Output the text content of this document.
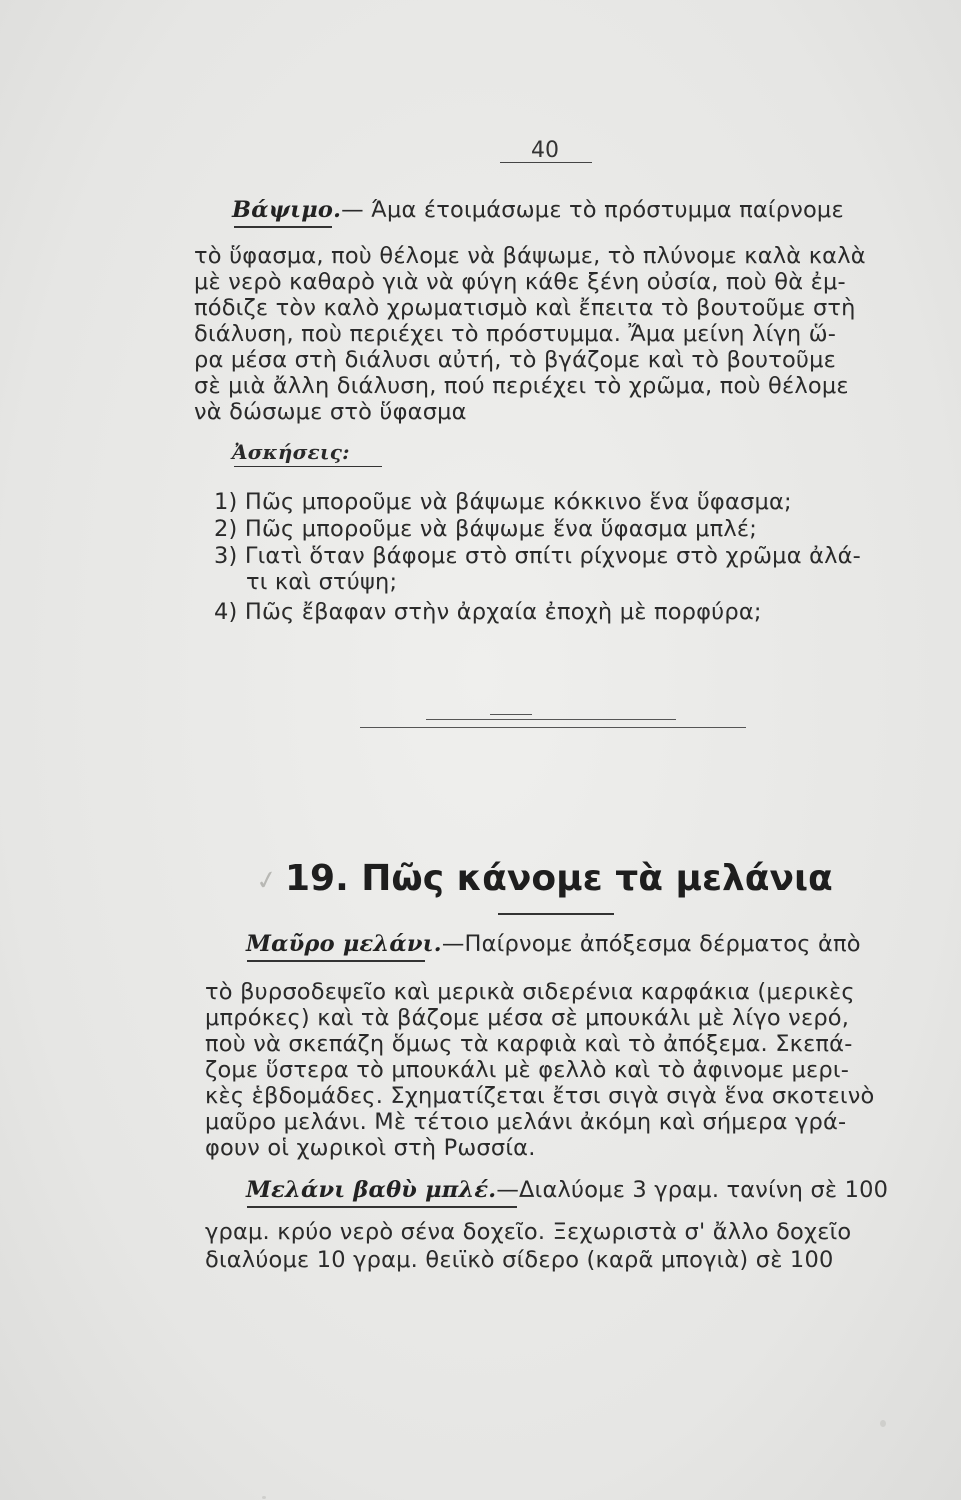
40
Βάψιμο.— Άμα έτοιμάσωμε τὸ πρόστυμμα παίρνομε
τὸ ὕφασμα, ποὺ θέλομε νὰ βάψωμε, τὸ πλύνομε καλὰ καλὰ
μὲ νερὸ καθαρὸ γιὰ νὰ φύγη κάθε ξένη οὐσία, ποὺ θὰ ἐμ-
πόδιζε τὸν καλὸ χρωματισμὸ καὶ ἔπειτα τὸ βουτοῦμε στὴ
διάλυση, ποὺ περιέχει τὸ πρόστυμμα. Ἄμα μείνη λίγη ὥ-
ρα μέσα στὴ διάλυσι αὐτή, τὸ βγάζομε καὶ τὸ βουτοῦμε
σὲ μιὰ ἄλλη διάλυση, πού περιέχει τὸ χρῶμα, ποὺ θέλομε
νὰ δώσωμε στὸ ὕφασμα
Ἀσκήσεις:
1) Πῶς μποροῦμε νὰ βάψωμε κόκκινο ἕνα ὕφασμα;
2) Πῶς μποροῦμε νὰ βάψωμε ἕνα ὕφασμα μπλέ;
3) Γιατὶ ὅταν βάφομε στὸ σπίτι ρίχνομε στὸ χρῶμα ἀλά-
τι καὶ στύψη;
4) Πῶς ἔβαφαν στὴν ἀρχαία ἐποχὴ μὲ πορφύρα;
✓ 19. Πῶς κάνομε τὰ μελάνια
Μαῦρο μελάνι.—Παίρνομε ἀπόξεσμα δέρματος ἀπὸ
τὸ βυρσοδεψεῖο καὶ μερικὰ σιδερένια καρφάκια (μερικὲς
μπρόκες) καὶ τὰ βάζομε μέσα σὲ μπουκάλι μὲ λίγο νερό,
ποὺ νὰ σκεπάζη ὅμως τὰ καρφιὰ καὶ τὸ ἀπόξεμα. Σκεπά-
ζομε ὕστερα τὸ μπουκάλι μὲ φελλὸ καὶ τὸ ἀφινομε μερι-
κὲς ἑβδομάδες. Σχηματίζεται ἔτσι σιγὰ σιγὰ ἕνα σκοτεινὸ
μαῦρο μελάνι. Μὲ τέτοιο μελάνι ἀκόμη καὶ σήμερα γρά-
φουν οἱ χωρικοὶ στὴ Ρωσσία.
Μελάνι βαθὺ μπλέ.—Διαλύομε 3 γραμ. τανίνη σὲ 100
γραμ. κρύο νερὸ σένα δοχεῖο. Ξεχωριστὰ σ' ἄλλο δοχεῖο
διαλύομε 10 γραμ. θειϊκὸ σίδερο (καρᾶ μπογιὰ) σὲ 100
